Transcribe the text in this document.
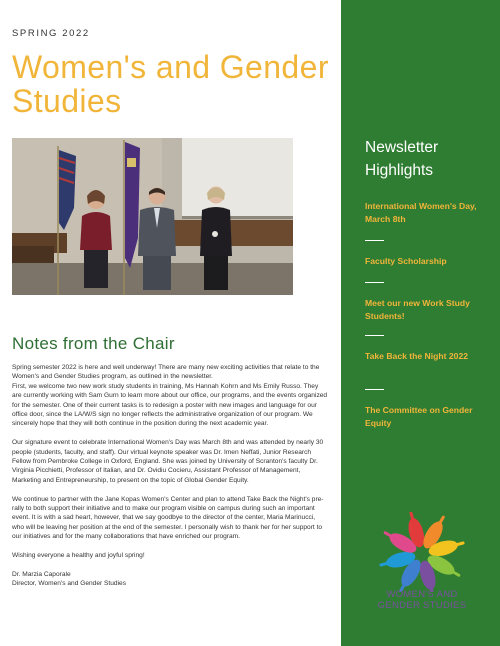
SPRING 2022
Women's and Gender Studies
Notes from the Chair

Spring semester 2022 is here and well underway! There are many new exciting activities that relate to the Women's and Gender Studies program, as outlined in the newsletter.

First, we welcome two new work study students in training, Ms Hannah Kohrn and Ms Emily Russo. They are currently working with Sam Gurn to learn more about our office, our programs, and the events organized for the semester. One of their current tasks is to redesign a poster with new images and language for our office door, since the LA/W/S sign no longer reflects the administrative organization of our program. We sincerely hope that they will both continue in the position during the next academic year.

Our signature event to celebrate International Women's Day was March 8th and was attended by nearly 30 people (students, faculty, and staff). Our virtual keynote speaker was Dr. Imen Neffati, Junior Research Fellow from Pembroke College in Oxford, England. She was joined by University of Scranton's faculty Dr. Virginia Picchietti, Professor of Italian, and Dr. Ovidiu Cocieru, Assistant Professor of Management, Marketing and Entrepreneurship, to present on the topic of Global Gender Equity.

We continue to partner with the Jane Kopas Women's Center and plan to attend Take Back the Night's pre-rally to both support their initiative and to make our program visible on campus during such an important event. It is with a sad heart, however, that we say goodbye to the director of the center, Maria Marinucci, who will be leaving her position at the end of the semester. I personally wish to thank her for her support to our initiatives and for the many collaborations that have enriched our program.

Wishing everyone a healthy and joyful spring!

Dr. Marzia Caporale

Director, Women's and Gender Studies

Newsletter Highlights
International Women's Day, March 8th
Faculty Scholarship
Meet our new Work Study Students!
Take Back the Night 2022
The Committee on Gender Equity
WOMEN'S AND GENDER STUDIES
